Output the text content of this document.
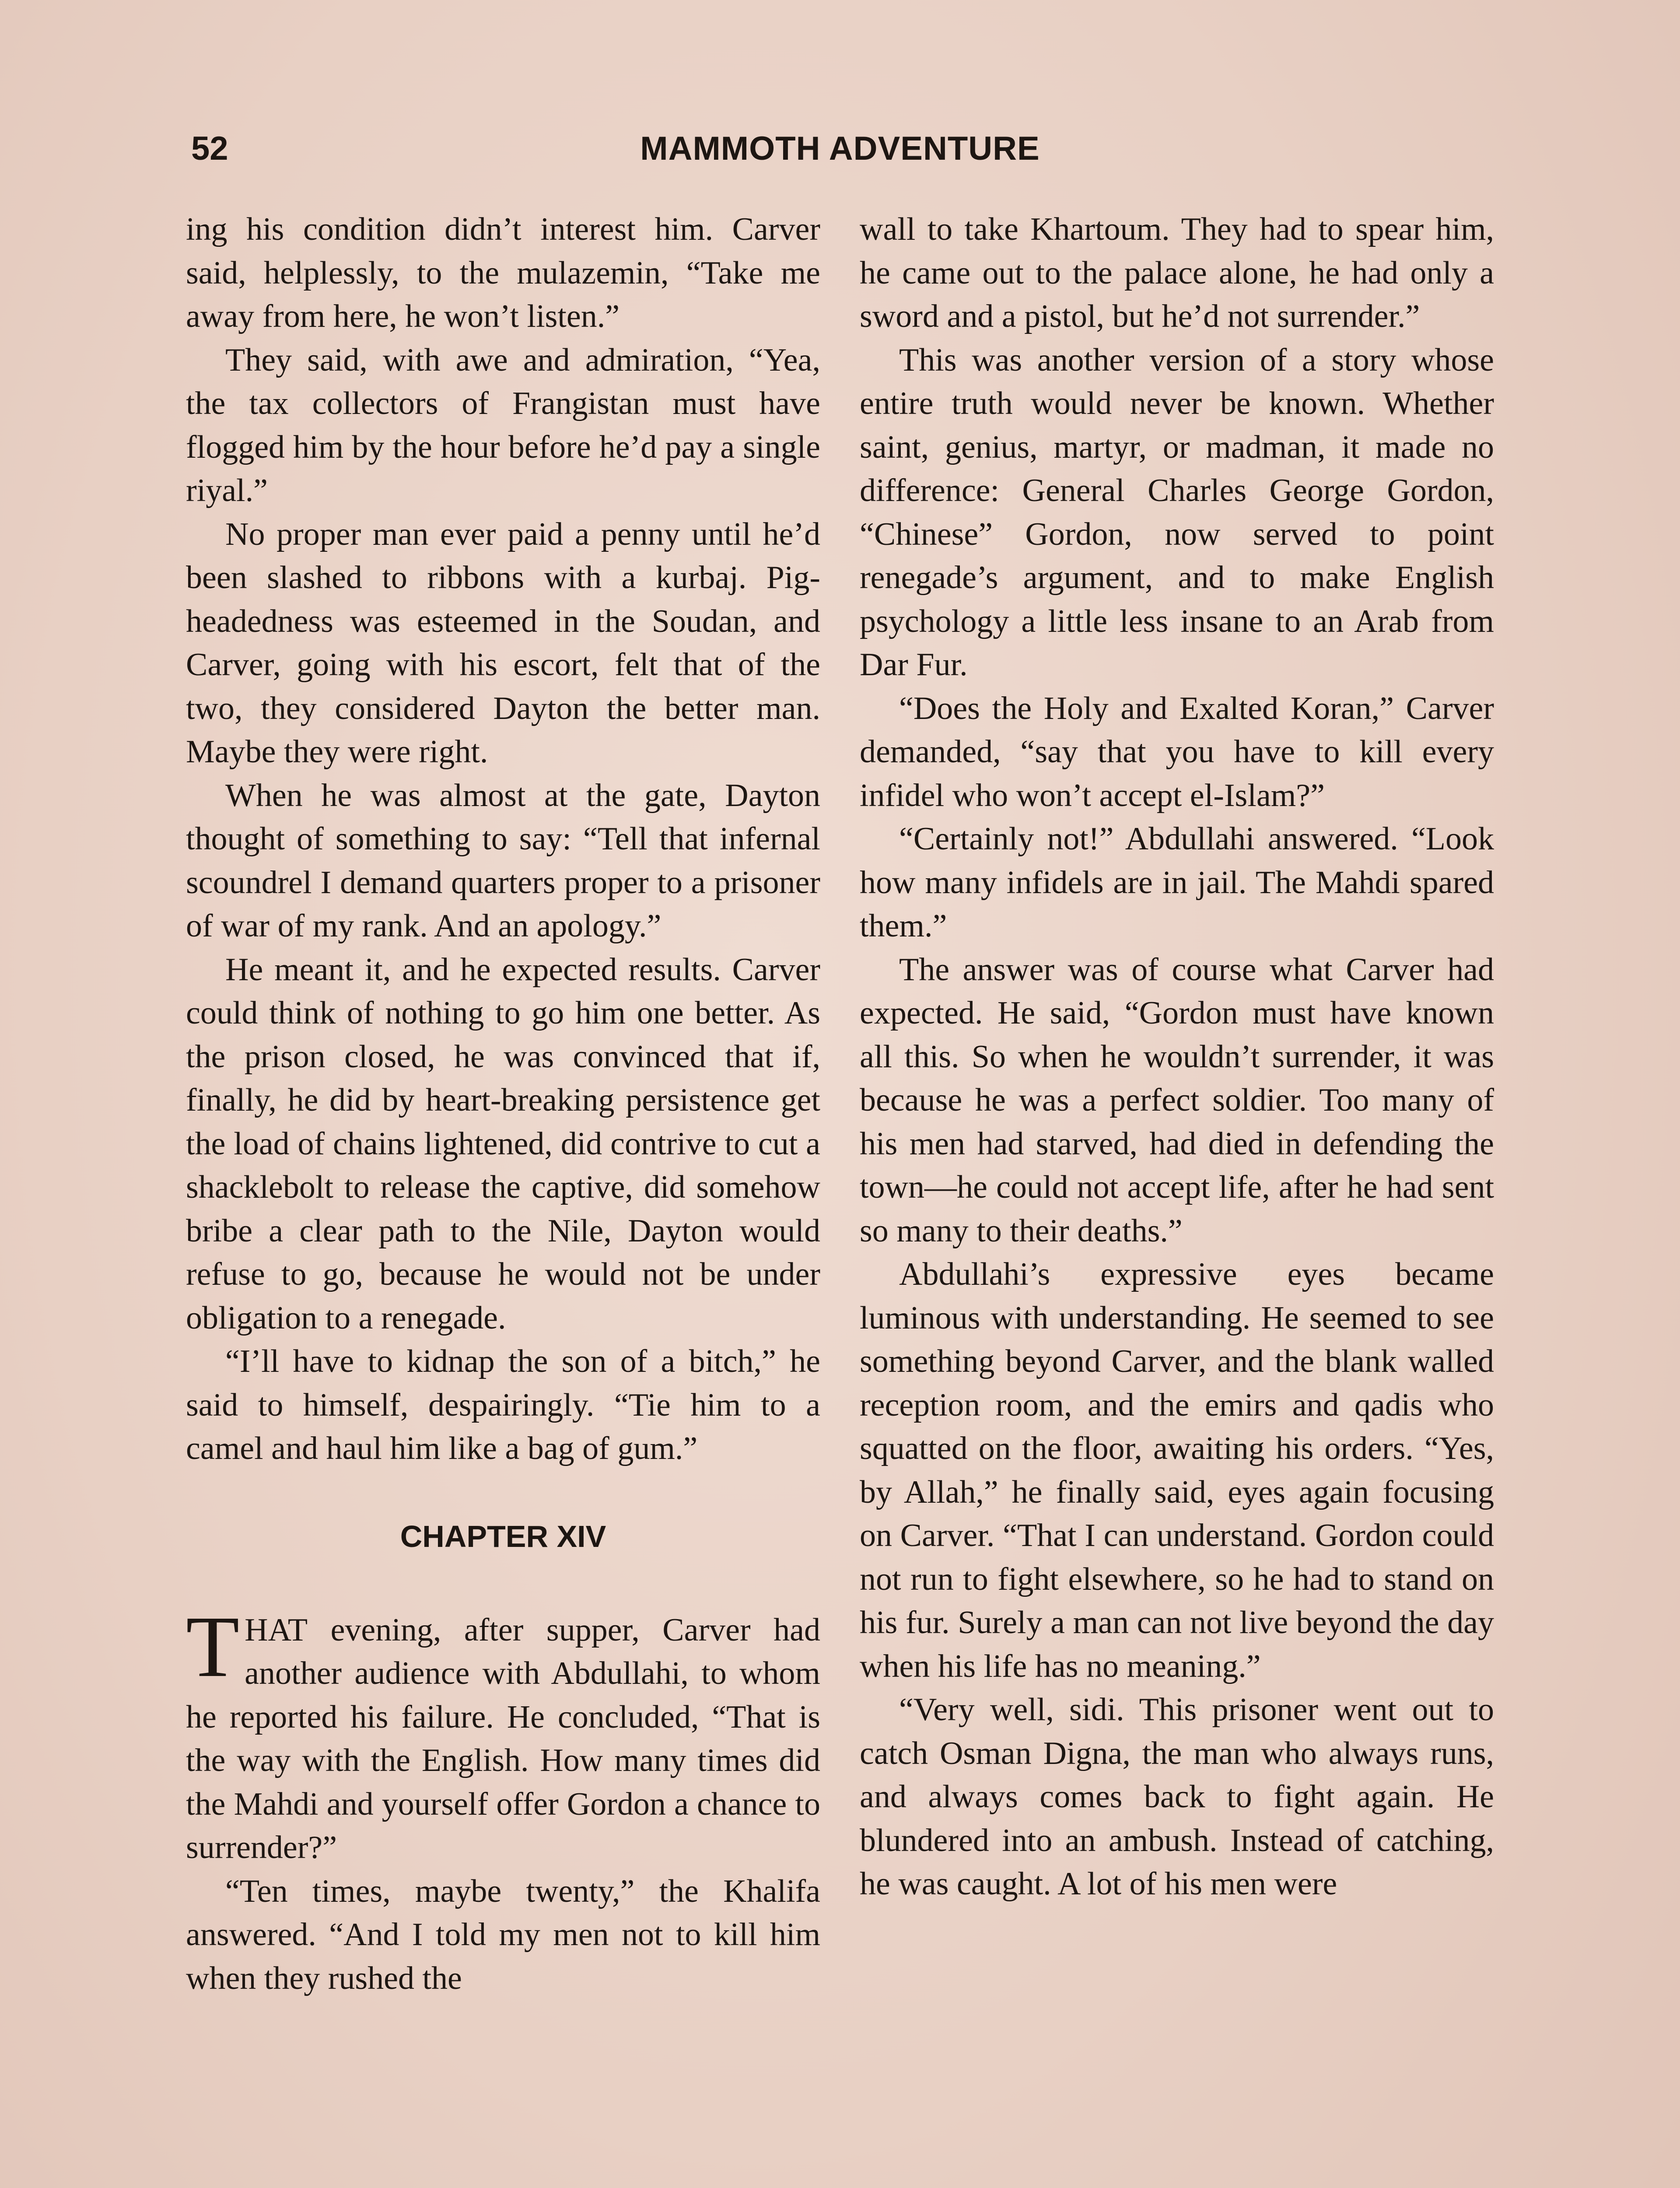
52	MAMMOTH ADVENTURE

ing his condition didn’t interest him. Carver said, helplessly, to the mulazemin, “Take me away from here, he won’t listen.”

They said, with awe and admiration, “Yea, the tax collectors of Frangistan must have flogged him by the hour before he’d pay a single riyal.”

No proper man ever paid a penny until he’d been slashed to ribbons with a kurbaj. Pig-headedness was esteemed in the Soudan, and Carver, going with his escort, felt that of the two, they considered Dayton the better man. Maybe they were right.

When he was almost at the gate, Dayton thought of something to say: “Tell that infernal scoundrel I demand quarters proper to a prisoner of war of my rank. And an apology.”

He meant it, and he expected results. Carver could think of nothing to go him one better. As the prison closed, he was convinced that if, finally, he did by heart-breaking persistence get the load of chains lightened, did contrive to cut a shacklebolt to release the captive, did somehow bribe a clear path to the Nile, Dayton would refuse to go, because he would not be under obligation to a renegade.

“I’ll have to kidnap the son of a bitch,” he said to himself, despairingly. “Tie him to a camel and haul him like a bag of gum.”

CHAPTER XIV

THAT evening, after supper, Carver had another audience with Abdullahi, to whom he reported his failure. He concluded, “That is the way with the English. How many times did the Mahdi and yourself offer Gordon a chance to surrender?”

“Ten times, maybe twenty,” the Khalifa answered. “And I told my men not to kill him when they rushed the

wall to take Khartoum. They had to spear him, he came out to the palace alone, he had only a sword and a pistol, but he’d not surrender.”

This was another version of a story whose entire truth would never be known. Whether saint, genius, martyr, or madman, it made no difference: General Charles George Gordon, “Chinese” Gordon, now served to point renegade’s argument, and to make English psychology a little less insane to an Arab from Dar Fur.

“Does the Holy and Exalted Koran,” Carver demanded, “say that you have to kill every infidel who won’t accept el-Islam?”

“Certainly not!” Abdullahi answered. “Look how many infidels are in jail. The Mahdi spared them.”

The answer was of course what Carver had expected. He said, “Gordon must have known all this. So when he wouldn’t surrender, it was because he was a perfect soldier. Too many of his men had starved, had died in defending the town—he could not accept life, after he had sent so many to their deaths.”

Abdullahi’s expressive eyes became luminous with understanding. He seemed to see something beyond Carver, and the blank walled reception room, and the emirs and qadis who squatted on the floor, awaiting his orders. “Yes, by Allah,” he finally said, eyes again focusing on Carver. “That I can understand. Gordon could not run to fight elsewhere, so he had to stand on his fur. Surely a man can not live beyond the day when his life has no meaning.”

“Very well, sidi. This prisoner went out to catch Osman Digna, the man who always runs, and always comes back to fight again. He blundered into an ambush. Instead of catching, he was caught. A lot of his men were
